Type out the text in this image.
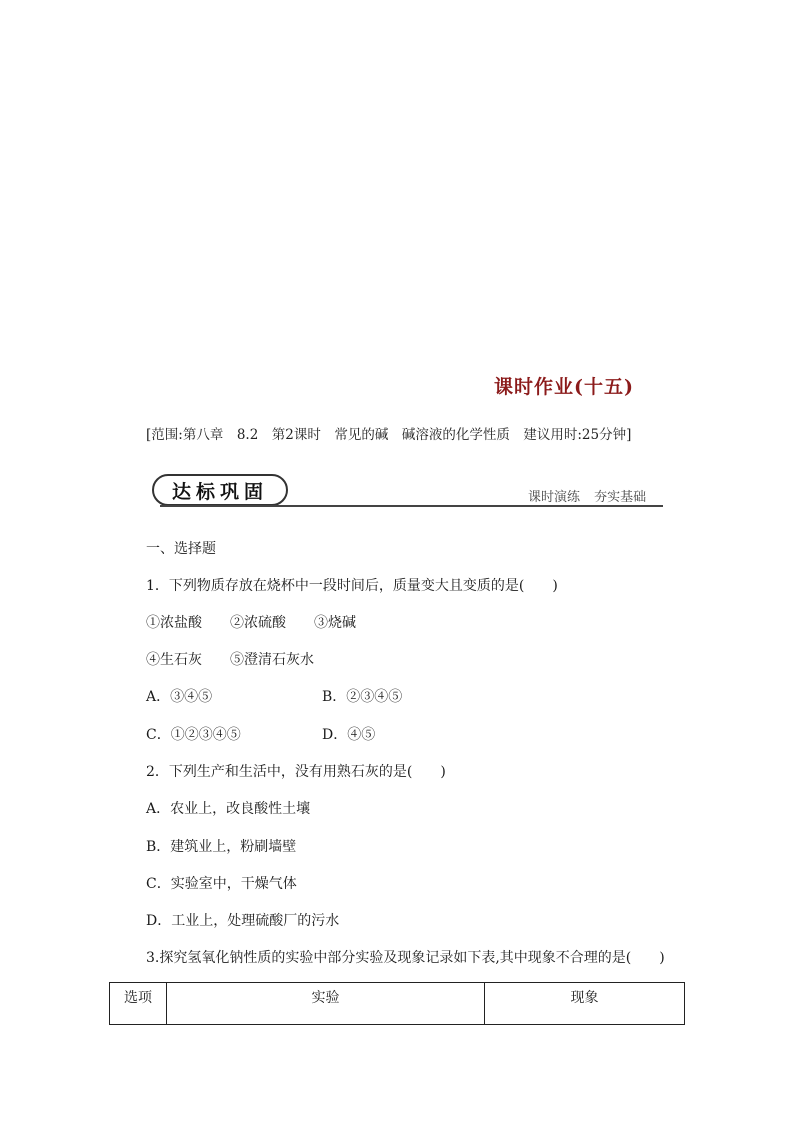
课时作业(十五)
[范围:第八章　8.2　第2课时　常见的碱　碱溶液的化学性质　建议用时:25分钟]
达标巩固	课时演练 夯实基础
一、选择题
1．下列物质存放在烧杯中一段时间后，质量变大且变质的是(　　)
①浓盐酸　　②浓硫酸　　③烧碱
④生石灰　　⑤澄清石灰水
A．③④⑤	B．②③④⑤
C．①②③④⑤	D．④⑤
2．下列生产和生活中，没有用熟石灰的是(　　)
A．农业上，改良酸性土壤
B．建筑业上，粉刷墙壁
C．实验室中，干燥气体
D．工业上，处理硫酸厂的污水
3.探究氢氧化钠性质的实验中部分实验及现象记录如下表,其中现象不合理的是(　　)
选项	实验	现象
